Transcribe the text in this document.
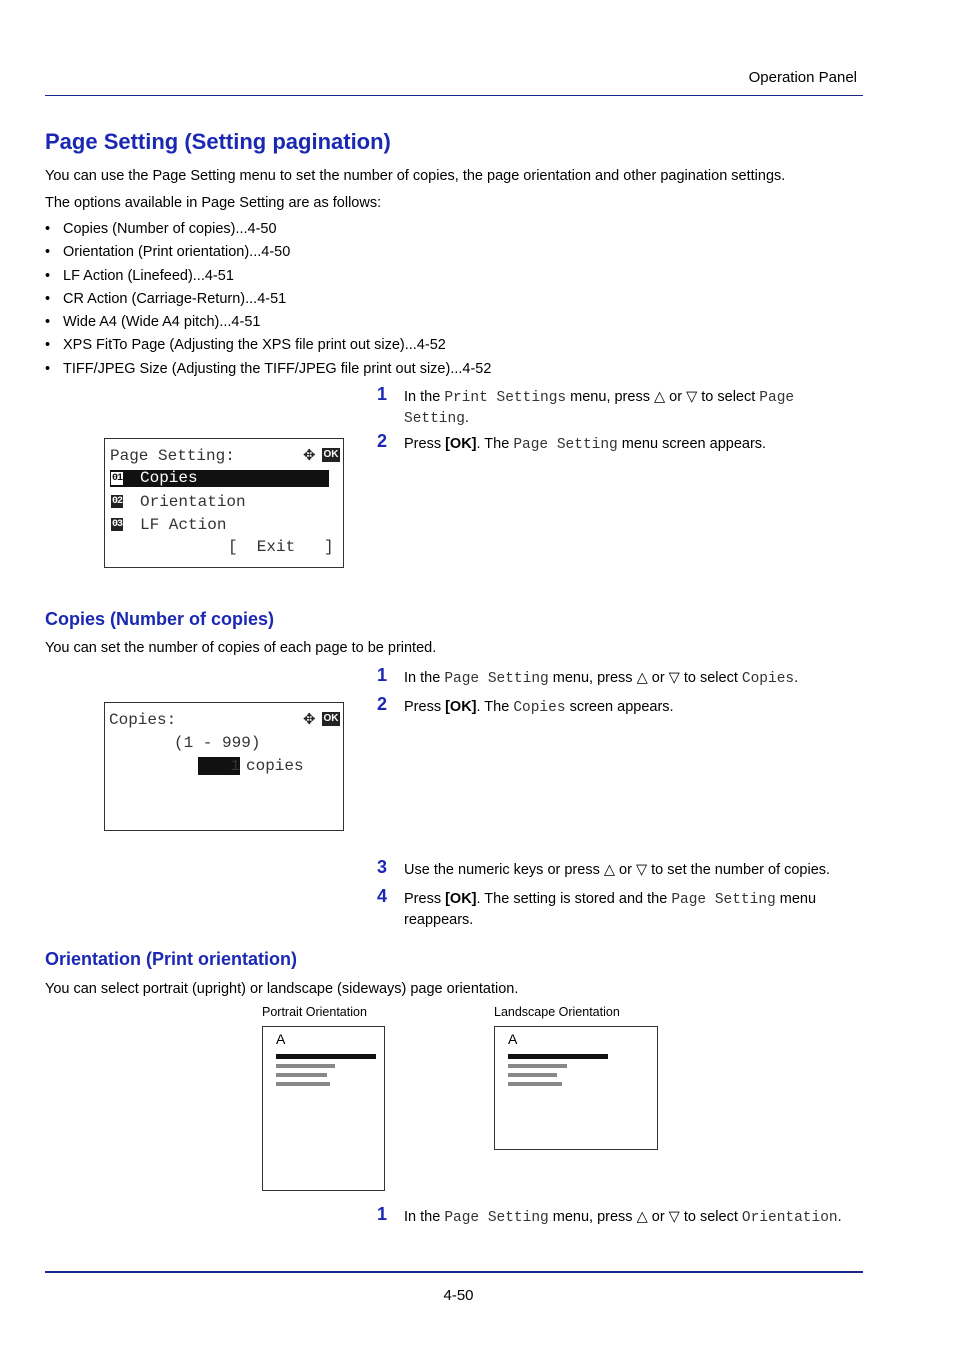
Operation Panel
Page Setting (Setting pagination)
You can use the Page Setting menu to set the number of copies, the page orientation and other pagination settings.
The options available in Page Setting are as follows:
• Copies (Number of copies)...4-50
• Orientation (Print orientation)...4-50
• LF Action (Linefeed)...4-51
• CR Action (Carriage-Return)...4-51
• Wide A4 (Wide A4 pitch)...4-51
• XPS FitTo Page (Adjusting the XPS file print out size)...4-52
• TIFF/JPEG Size (Adjusting the TIFF/JPEG file print out size)...4-52
1 In the Print Settings menu, press △ or ▽ to select Page Setting.
2 Press [OK]. The Page Setting menu screen appears.
Page Setting:	✥ OK
01 Copies
02 Orientation
03 LF Action
[  Exit   ]
Copies (Number of copies)
You can set the number of copies of each page to be printed.
1 In the Page Setting menu, press △ or ▽ to select Copies.
2 Press [OK]. The Copies screen appears.
Copies:	✥ OK
(1 - 999)
1 copies
3 Use the numeric keys or press △ or ▽ to set the number of copies.
4 Press [OK]. The setting is stored and the Page Setting menu reappears.
Orientation (Print orientation)
You can select portrait (upright) or landscape (sideways) page orientation.
Portrait Orientation	Landscape Orientation
A	A
1 In the Page Setting menu, press △ or ▽ to select Orientation.
4-50
